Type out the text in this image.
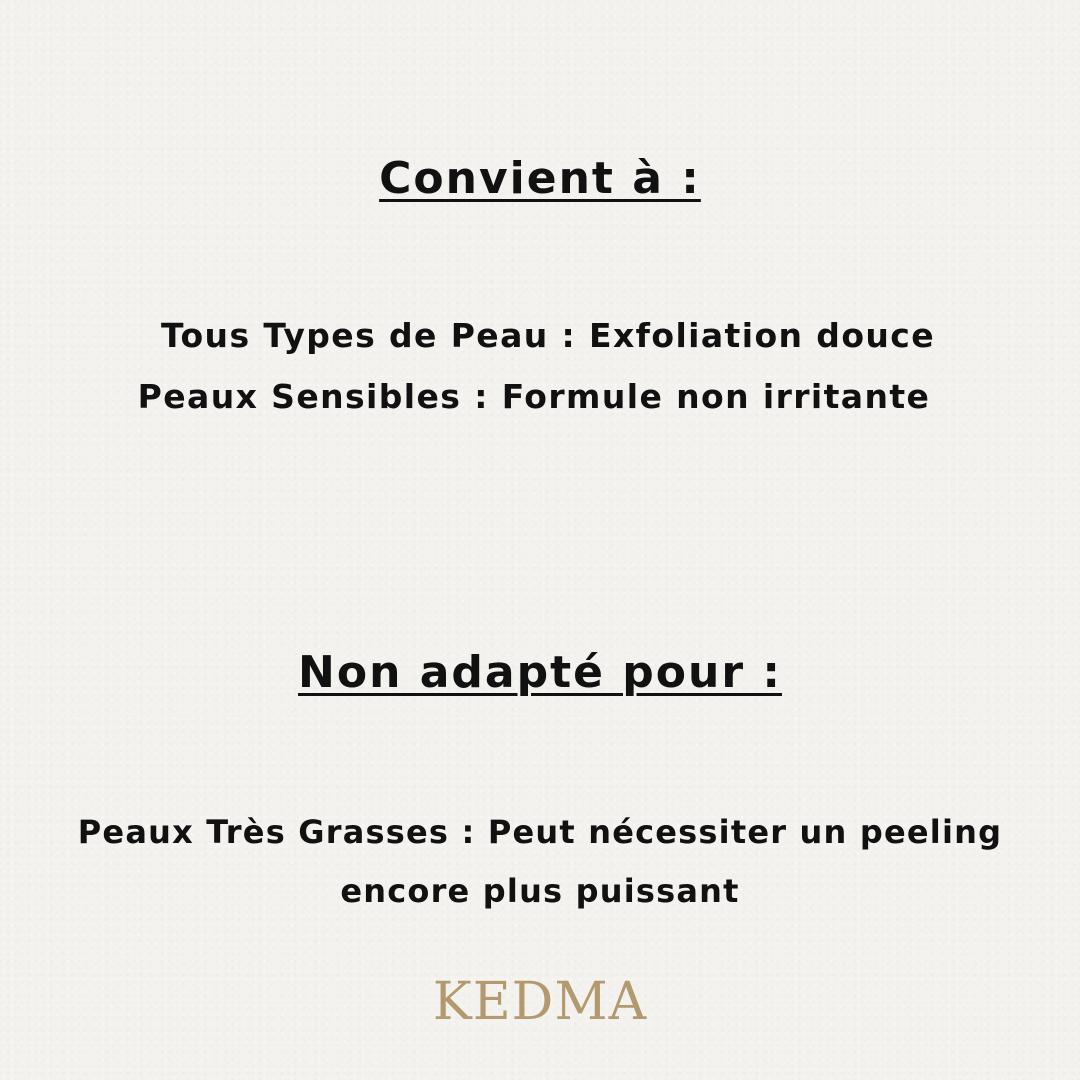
Convient à :
Tous Types de Peau : Exfoliation douce
Peaux Sensibles : Formule non irritante
Non adapté pour :
Peaux Très Grasses : Peut nécessiter un peeling
encore plus puissant
KEDMA
